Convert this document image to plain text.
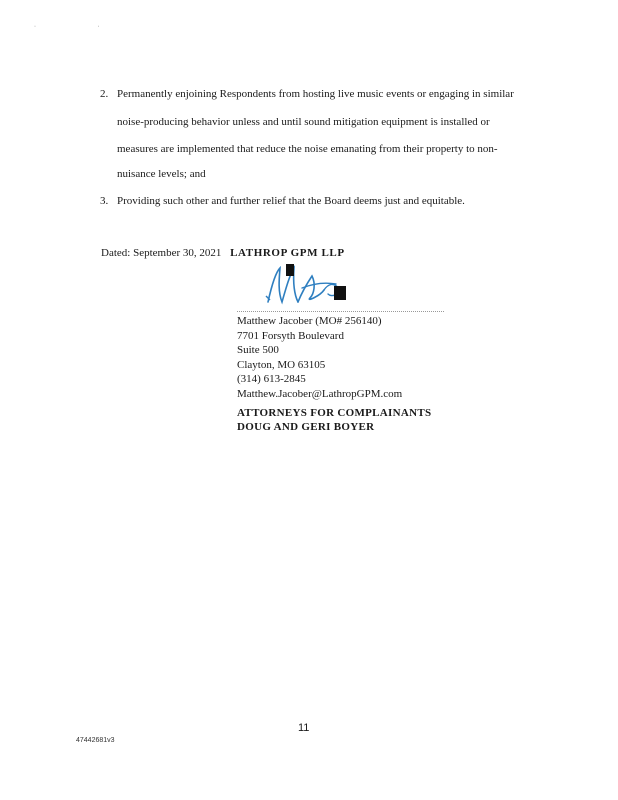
· ·
2. Permanently enjoining Respondents from hosting live music events or engaging in similar
noise-producing behavior unless and until sound mitigation equipment is installed or
measures are implemented that reduce the noise emanating from their property to non-
nuisance levels; and
3. Providing such other and further relief that the Board deems just and equitable.
Dated: September 30, 2021 LATHROP GPM LLP
Matthew Jacober (MO# 256140)
7701 Forsyth Boulevard
Suite 500
Clayton, MO 63105
(314) 613-2845
Matthew.Jacober@LathropGPM.com
ATTORNEYS FOR COMPLAINANTS
DOUG AND GERI BOYER
11
47442681v3
